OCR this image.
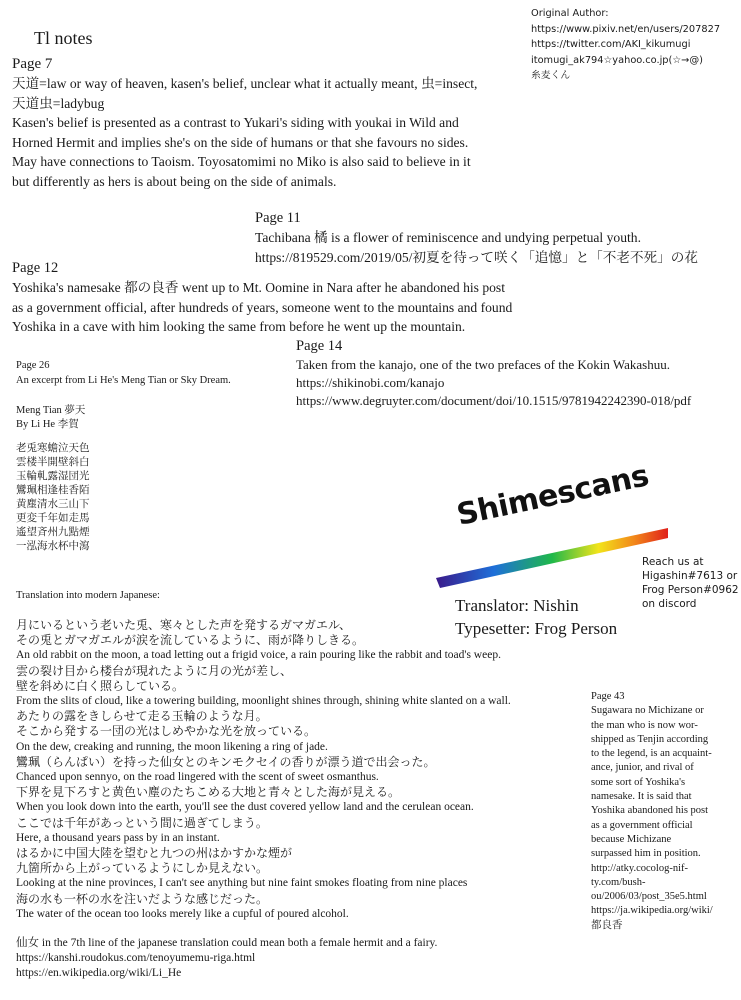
Tl notes
Original Author:
https://www.pixiv.net/en/users/207827
https://twitter.com/AKI_kikumugi
itomugi_ak794☆yahoo.co.jp(☆→@)
糸麦くん
Page 7
天道=law or way of heaven, kasen's belief, unclear what it actually meant, 虫=insect,
天道虫=ladybug
Kasen's belief is presented as a contrast to Yukari's siding with youkai in Wild and
Horned Hermit and implies she's on the side of humans or that she favours no sides.
May have connections to Taoism. Toyosatomimi no Miko is also said to believe in it
but differently as hers is about being on the side of animals.
Page 11
Tachibana 橘 is a flower of reminiscence and undying perpetual youth.
https://819529.com/2019/05/初夏を待って咲く「追憶」と「不老不死」の花
Page 12
Yoshika's namesake 都の良香 went up to Mt. Oomine in Nara after he abandoned his post
as a government official, after hundreds of years, someone went to the mountains and found
Yoshika in a cave with him looking the same from before he went up the mountain.
Page 14
Taken from the kanajo, one of the two prefaces of the Kokin Wakashuu.
https://shikinobi.com/kanajo
https://www.degruyter.com/document/doi/10.1515/9781942242390-018/pdf
Page 26
An excerpt from Li He's Meng Tian or Sky Dream.
Meng Tian 夢天
By Li He 李賀
老兎寒蟾泣天色
雲楼半開壁斜白
玉輪軋露湿団光
鸞珮相逢桂香陌
黄塵清水三山下
更変千年如走馬
遙望斉州九點煙
一泓海水杯中瀉
Translation into modern Japanese:
月にいるという老いた兎、寒々とした声を発するガマガエル、
その兎とガマガエルが涙を流しているように、雨が降りしきる。
An old rabbit on the moon, a toad letting out a frigid voice, a rain pouring like the rabbit and toad's weep.
雲の裂け目から楼台が現れたように月の光が差し、
壁を斜めに白く照らしている。
From the slits of cloud, like a towering building, moonlight shines through, shining white slanted on a wall.
あたりの露をきしらせて走る玉輪のような月。
そこから発する一団の光はしめやかな光を放っている。
On the dew, creaking and running, the moon likening a ring of jade.
鸞珮（らんぱい）を持った仙女とのキンモクセイの香りが漂う道で出会った。
Chanced upon sennyo, on the road lingered with the scent of sweet osmanthus.
下界を見下ろすと黄色い塵のたちこめる大地と青々とした海が見える。
When you look down into the earth, you'll see the dust covered yellow land and the cerulean ocean.
ここでは千年があっという間に過ぎてしまう。
Here, a thousand years pass by in an instant.
はるかに中国大陸を望むと九つの州はかすかな煙が
九箇所から上がっているようにしか見えない。
Looking at the nine provinces, I can't see anything but nine faint smokes floating from nine places
海の水も一杯の水を注いだような感じだった。
The water of the ocean too looks merely like a cupful of poured alcohol.
仙女 in the 7th line of the japanese translation could mean both a female hermit and a fairy.
https://kanshi.roudokus.com/tenoyumemu-riga.html
https://en.wikipedia.org/wiki/Li_He
Shimescans
Reach us at
Higashin#7613 or
Frog Person#0962
on discord
Translator: Nishin
Typesetter: Frog Person
Page 43
Sugawara no Michizane or
the man who is now wor-
shipped as Tenjin according
to the legend, is an acquaint-
ance, junior, and rival of
some sort of Yoshika's
namesake. It is said that
Yoshika abandoned his post
as a government official
because Michizane
surpassed him in position.
http://atky.cocolog-nif-
ty.com/bush-
ou/2006/03/post_35e5.html
https://ja.wikipedia.org/wiki/
都良香
